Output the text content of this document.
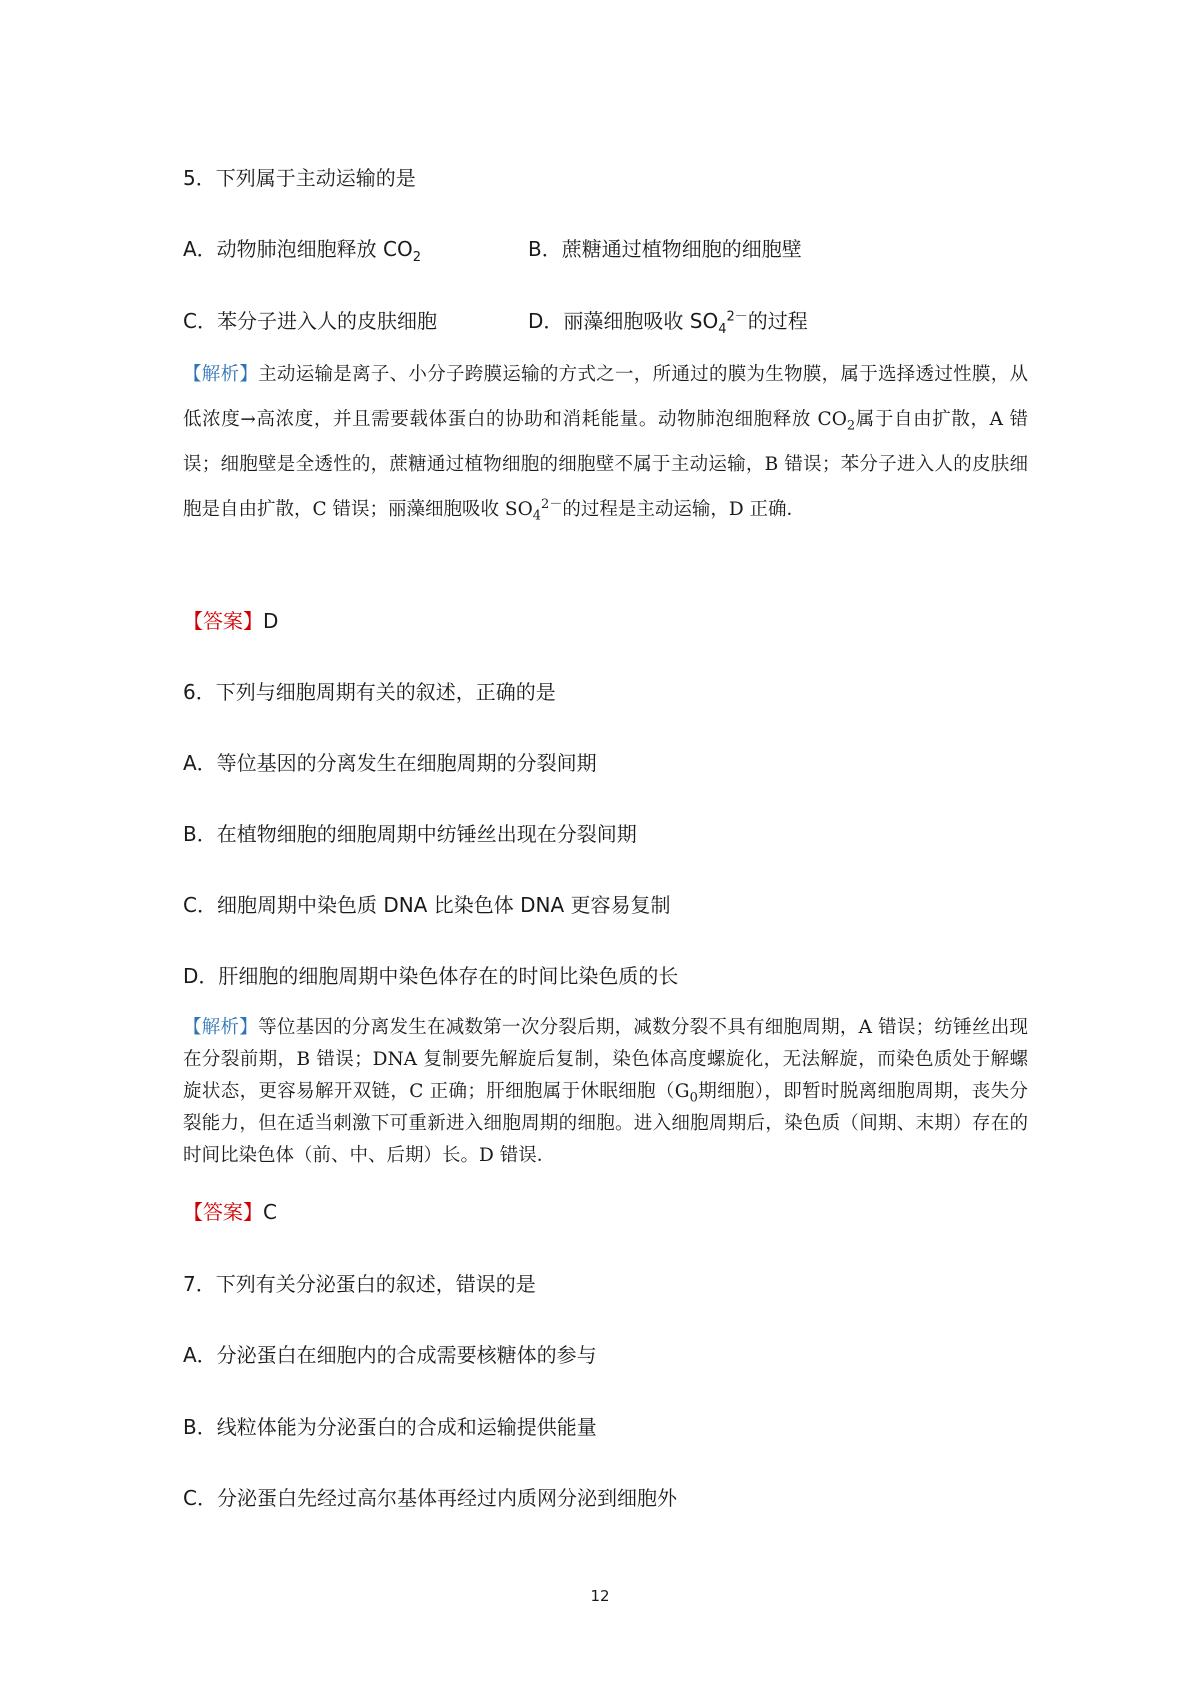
5．下列属于主动运输的是
A．动物肺泡细胞释放 $CO_2$	B．蔗糖通过植物细胞的细胞壁
C．苯分子进入人的皮肤细胞	D．丽藻细胞吸收 $SO_4^{2-}$的过程
【解析】主动运输是离子、小分子跨膜运输的方式之一，所通过的膜为生物膜，属于选择透过性膜，从低浓度→高浓度，并且需要载体蛋白的协助和消耗能量。动物肺泡细胞释放 $CO_2$属于自由扩散，A 错误；细胞壁是全透性的，蔗糖通过植物细胞的细胞壁不属于主动运输，B 错误；苯分子进入人的皮肤细胞是自由扩散，C 错误；丽藻细胞吸收 $SO_4^{2-}$的过程是主动运输，D 正确．
【答案】D
6．下列与细胞周期有关的叙述，正确的是
A．等位基因的分离发生在细胞周期的分裂间期
B．在植物细胞的细胞周期中纺锤丝出现在分裂间期
C．细胞周期中染色质 DNA 比染色体 DNA 更容易复制
D．肝细胞的细胞周期中染色体存在的时间比染色质的长
【解析】等位基因的分离发生在减数第一次分裂后期，减数分裂不具有细胞周期，A 错误；纺锤丝出现在分裂前期，B 错误；DNA 复制要先解旋后复制，染色体高度螺旋化，无法解旋，而染色质处于解螺旋状态，更容易解开双链，C 正确；肝细胞属于休眠细胞（$G_0$期细胞），即暂时脱离细胞周期，丧失分裂能力，但在适当刺激下可重新进入细胞周期的细胞。进入细胞周期后，染色质（间期、末期）存在的时间比染色体（前、中、后期）长。D 错误．
【答案】C
7．下列有关分泌蛋白的叙述，错误的是
A．分泌蛋白在细胞内的合成需要核糖体的参与
B．线粒体能为分泌蛋白的合成和运输提供能量
C．分泌蛋白先经过高尔基体再经过内质网分泌到细胞外
12
